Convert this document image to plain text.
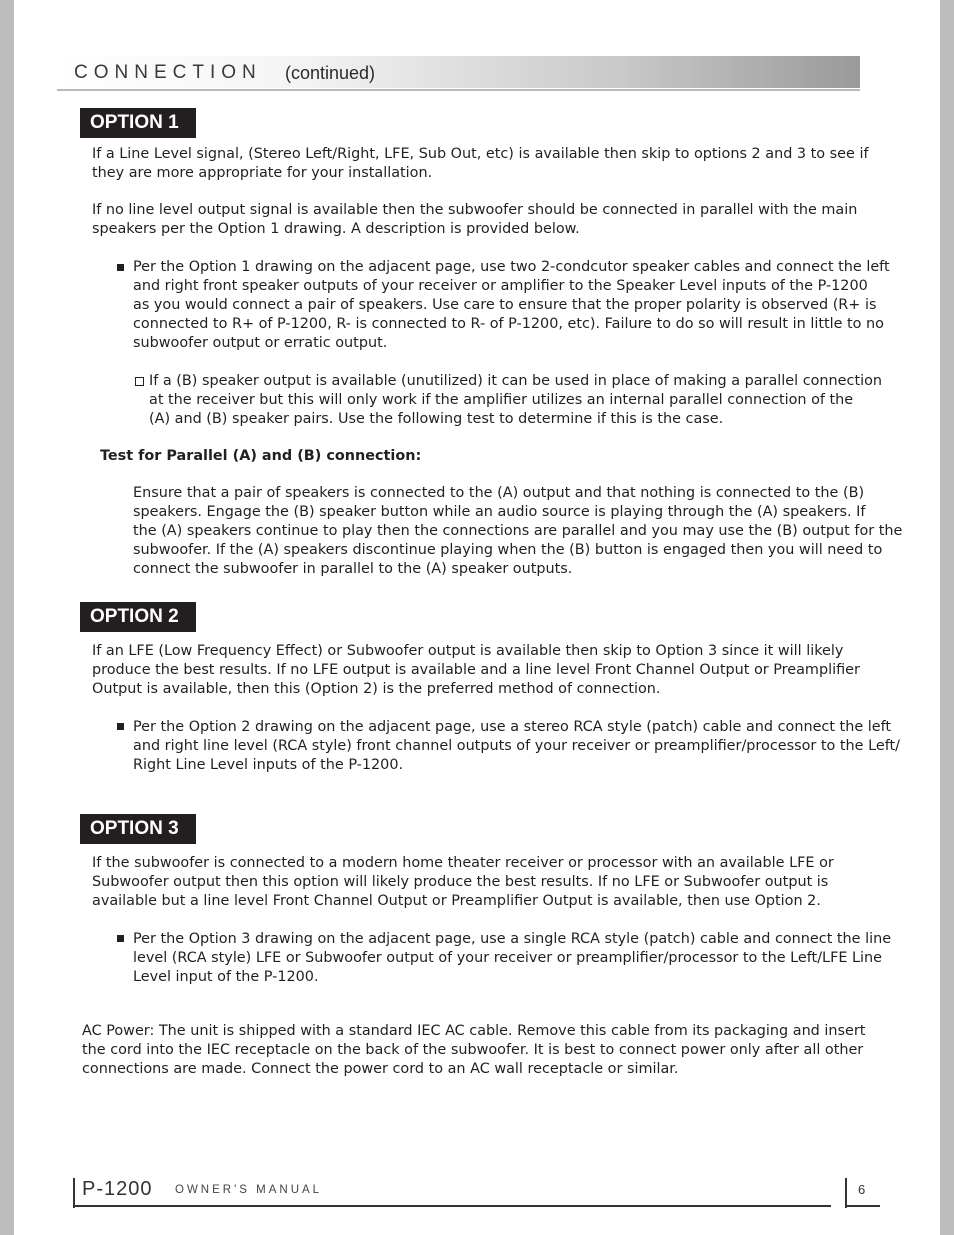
CONNECTION (continued)
OPTION 1
If a Line Level signal, (Stereo Left/Right, LFE, Sub Out, etc) is available then skip to options 2 and 3 to see if
they are more appropriate for your installation.
If no line level output signal is available then the subwoofer should be connected in parallel with the main
speakers per the Option 1 drawing. A description is provided below.
Per the Option 1 drawing on the adjacent page, use two 2-condcutor speaker cables and connect the left
and right front speaker outputs of your receiver or amplifier to the Speaker Level inputs of the P-1200
as you would connect a pair of speakers. Use care to ensure that the proper polarity is observed (R+ is
connected to R+ of P-1200, R- is connected to R- of P-1200, etc). Failure to do so will result in little to no
subwoofer output or erratic output.
If a (B) speaker output is available (unutilized) it can be used in place of making a parallel connection
at the receiver but this will only work if the amplifier utilizes an internal parallel connection of the
(A) and (B) speaker pairs. Use the following test to determine if this is the case.
Test for Parallel (A) and (B) connection:
Ensure that a pair of speakers is connected to the (A) output and that nothing is connected to the (B)
speakers. Engage the (B) speaker button while an audio source is playing through the (A) speakers. If
the (A) speakers continue to play then the connections are parallel and you may use the (B) output for the
subwoofer. If the (A) speakers discontinue playing when the (B) button is engaged then you will need to
connect the subwoofer in parallel to the (A) speaker outputs.
OPTION 2
If an LFE (Low Frequency Effect) or Subwoofer output is available then skip to Option 3 since it will likely
produce the best results. If no LFE output is available and a line level Front Channel Output or Preamplifier
Output is available, then this (Option 2) is the preferred method of connection.
Per the Option 2 drawing on the adjacent page, use a stereo RCA style (patch) cable and connect the left
and right line level (RCA style) front channel outputs of your receiver or preamplifier/processor to the Left/
Right Line Level inputs of the P-1200.
OPTION 3
If the subwoofer is connected to a modern home theater receiver or processor with an available LFE or
Subwoofer output then this option will likely produce the best results. If no LFE or Subwoofer output is
available but a line level Front Channel Output or Preamplifier Output is available, then use Option 2.
Per the Option 3 drawing on the adjacent page, use a single RCA style (patch) cable and connect the line
level (RCA style) LFE or Subwoofer output of your receiver or preamplifier/processor to the Left/LFE Line
Level input of the P-1200.
AC Power: The unit is shipped with a standard IEC AC cable. Remove this cable from its packaging and insert
the cord into the IEC receptacle on the back of the subwoofer. It is best to connect power only after all other
connections are made. Connect the power cord to an AC wall receptacle or similar.
P-1200 OWNER'S MANUAL	6
